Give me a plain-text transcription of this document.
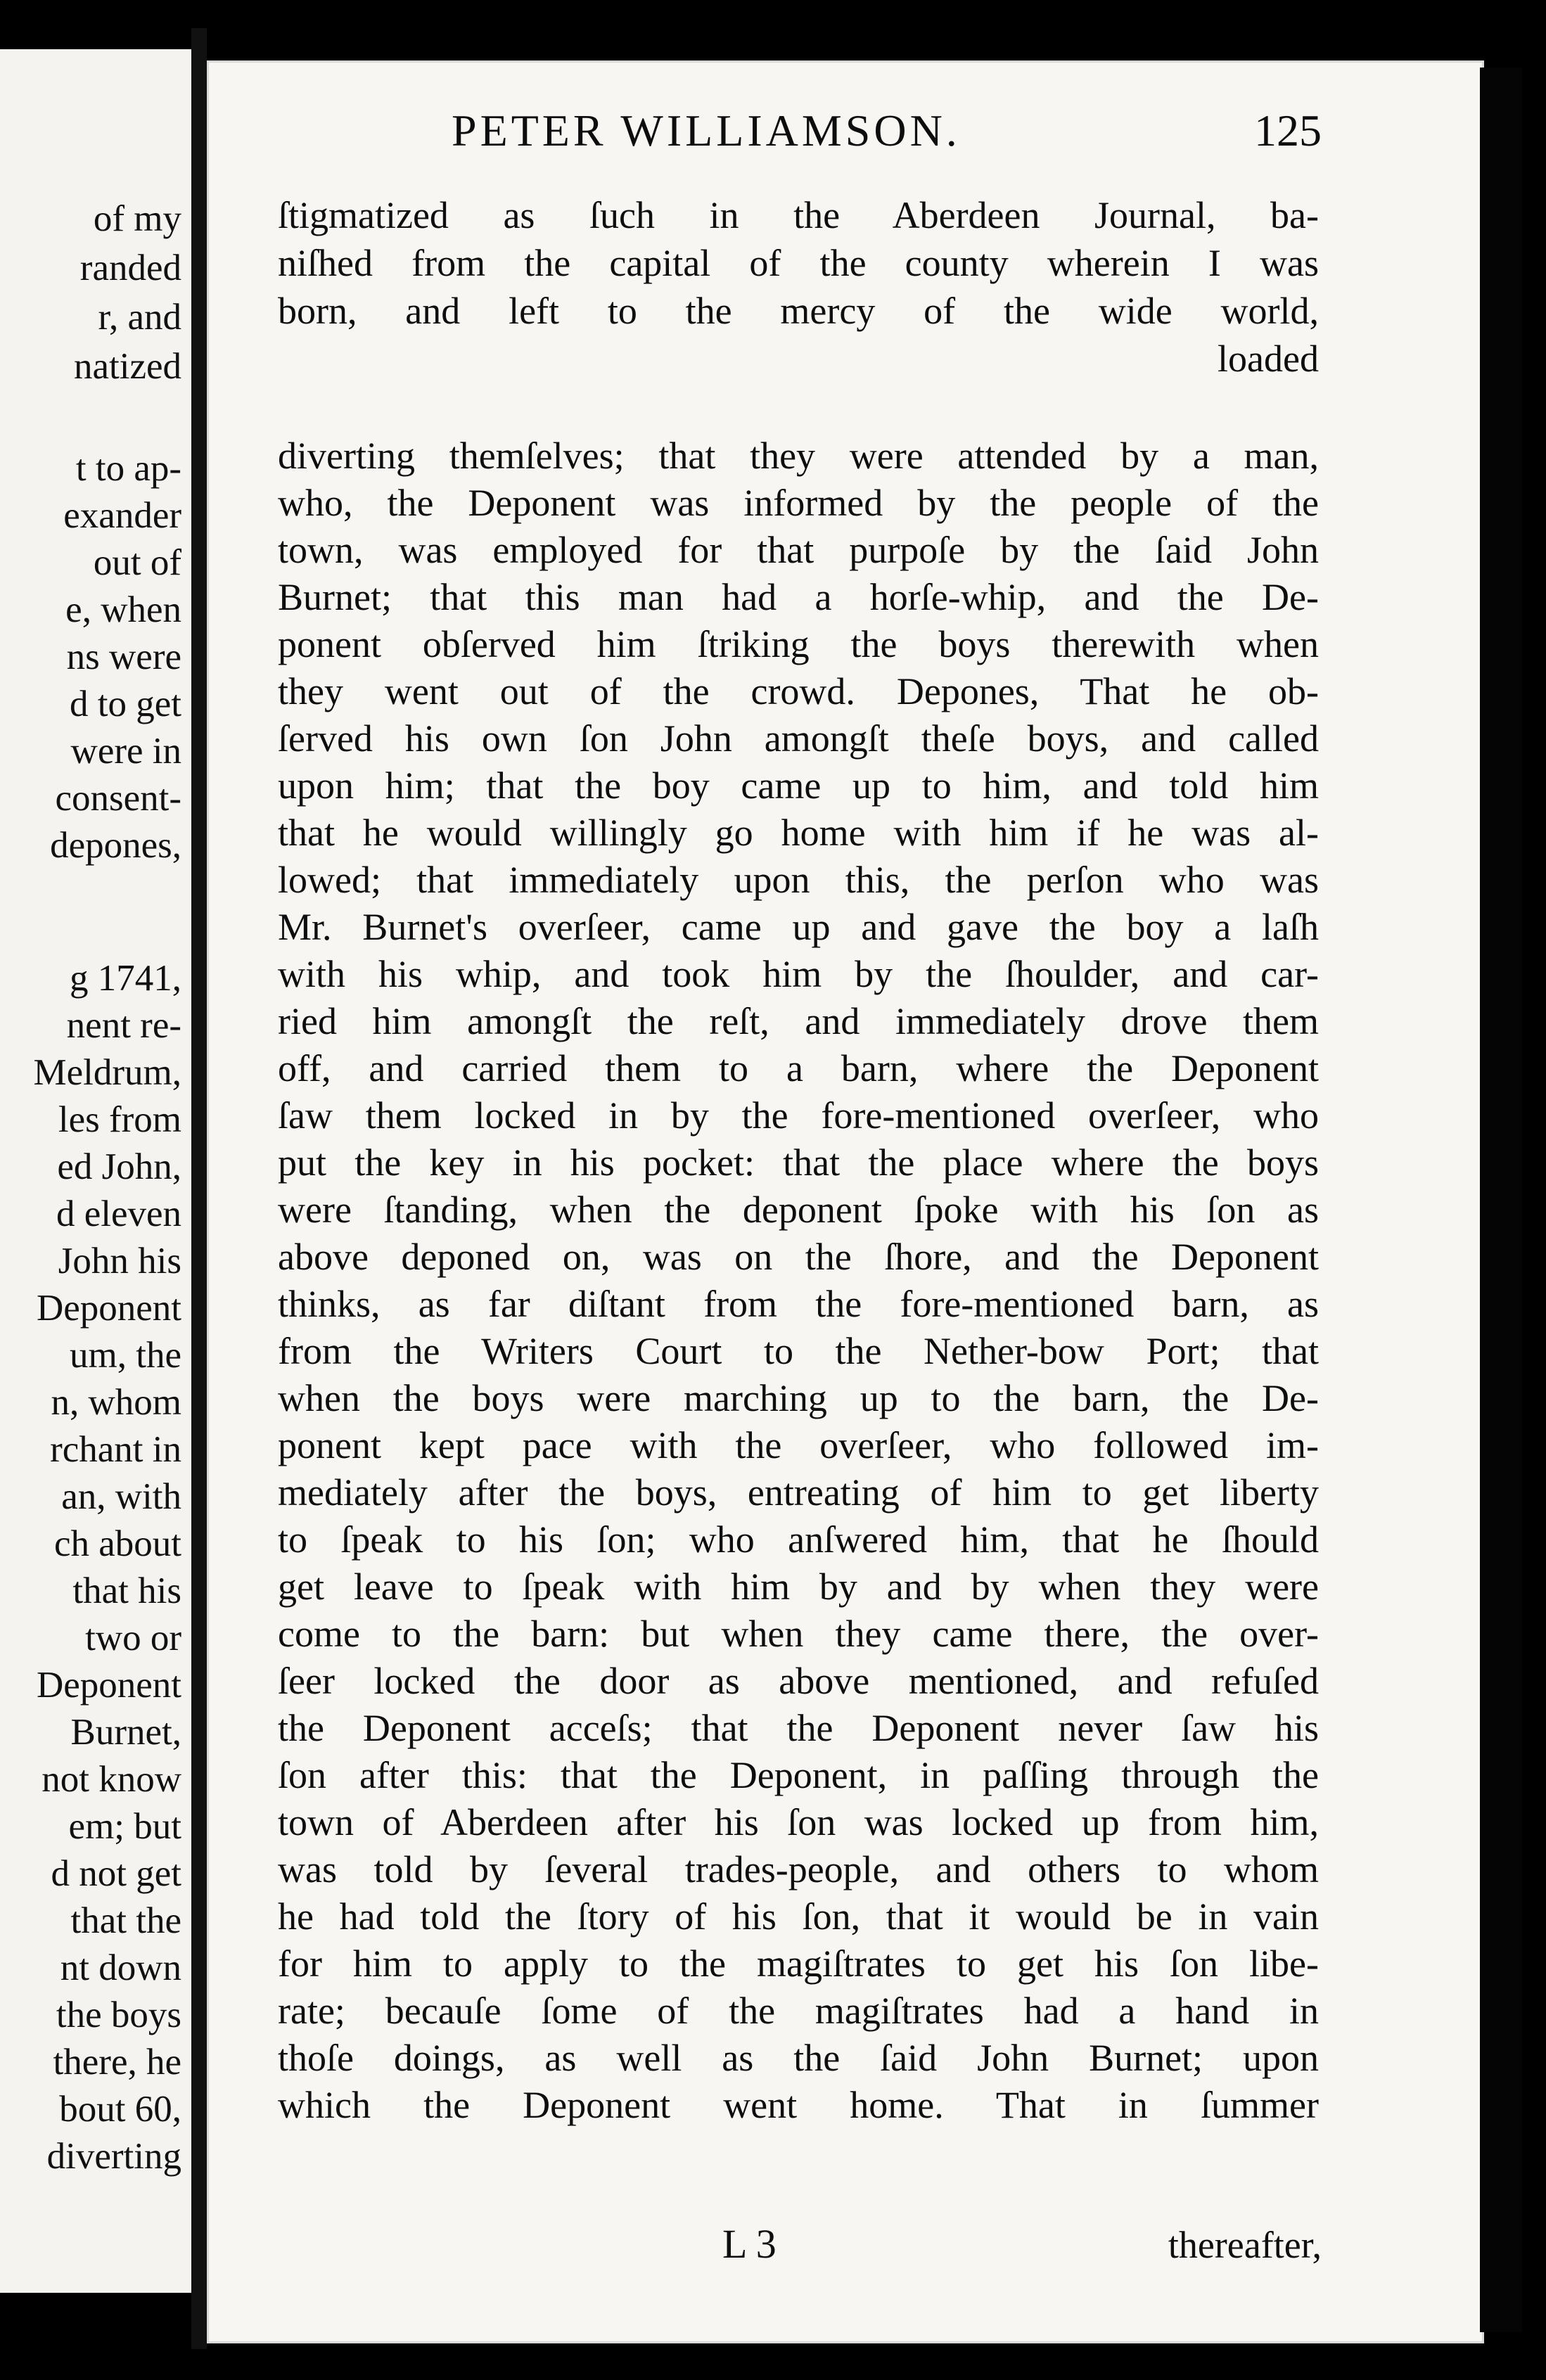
of my
randed
r, and
natized
t to ap-
exander
out of
e, when
ns were
d to get
were in
consent-
depones,
g 1741,
nent re-
Meldrum,
les from
ed John,
d eleven
John his
Deponent
um, the
n, whom
rchant in
an, with
ch about
that his
two or
Deponent
Burnet,
not know
em; but
d not get
that the
nt down
the boys
there, he
bout 60,
diverting
PETER WILLIAMSON.	125
ſtigmatized as ſuch in the Aberdeen Journal, ba-
niſhed from the capital of the county wherein I was
born, and left to the mercy of the wide world,
loaded
diverting themſelves; that they were attended by a man,
who, the Deponent was informed by the people of the
town, was employed for that purpoſe by the ſaid John
Burnet; that this man had a horſe-whip, and the De-
ponent obſerved him ſtriking the boys therewith when
they went out of the crowd. Depones, That he ob-
ſerved his own ſon John amongſt theſe boys, and called
upon him; that the boy came up to him, and told him
that he would willingly go home with him if he was al-
lowed; that immediately upon this, the perſon who was
Mr. Burnet's overſeer, came up and gave the boy a laſh
with his whip, and took him by the ſhoulder, and car-
ried him amongſt the reſt, and immediately drove them
off, and carried them to a barn, where the Deponent
ſaw them locked in by the fore-mentioned overſeer, who
put the key in his pocket: that the place where the boys
were ſtanding, when the deponent ſpoke with his ſon as
above deponed on, was on the ſhore, and the Deponent
thinks, as far diſtant from the fore-mentioned barn, as
from the Writers Court to the Nether-bow Port; that
when the boys were marching up to the barn, the De-
ponent kept pace with the overſeer, who followed im-
mediately after the boys, entreating of him to get liberty
to ſpeak to his ſon; who anſwered him, that he ſhould
get leave to ſpeak with him by and by when they were
come to the barn: but when they came there, the over-
ſeer locked the door as above mentioned, and refuſed
the Deponent acceſs; that the Deponent never ſaw his
ſon after this: that the Deponent, in paſſing through the
town of Aberdeen after his ſon was locked up from him,
was told by ſeveral trades-people, and others to whom
he had told the ſtory of his ſon, that it would be in vain
for him to apply to the magiſtrates to get his ſon libe-
rate; becauſe ſome of the magiſtrates had a hand in
thoſe doings, as well as the ſaid John Burnet; upon
which the Deponent went home. That in ſummer
L 3	thereafter,
